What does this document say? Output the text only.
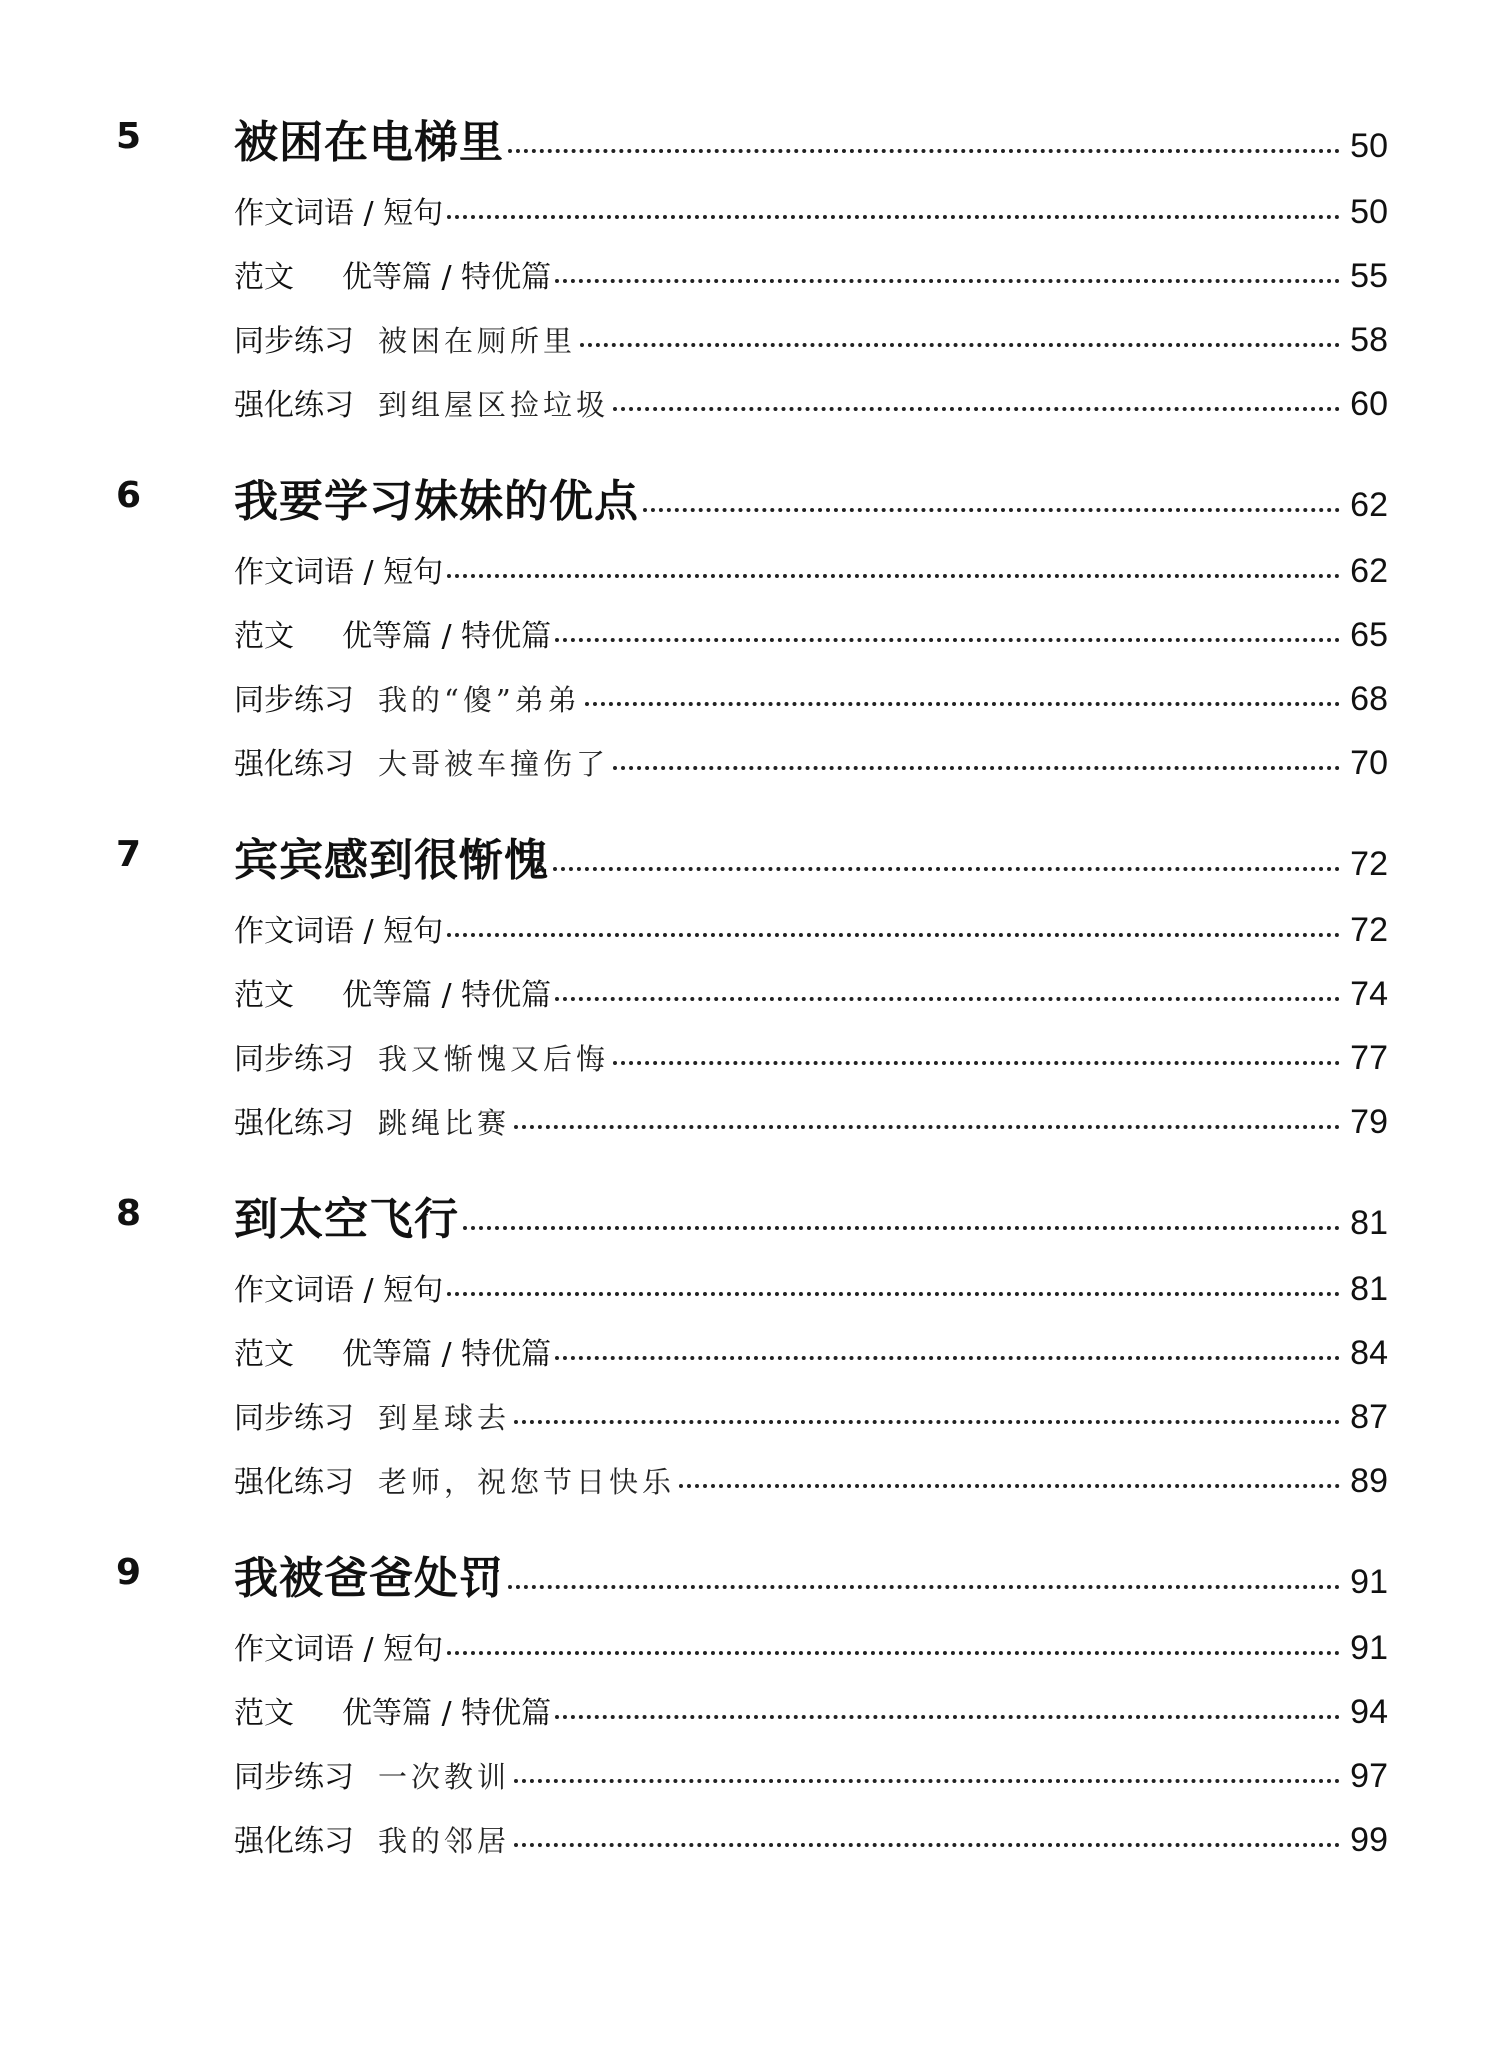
5 被困在电梯里	50
作文词语 / 短句	50
范文 优等篇 / 特优篇	55
同步练习 被困在厕所里	58
强化练习 到组屋区捡垃圾	60
6 我要学习妹妹的优点	62
作文词语 / 短句	62
范文 优等篇 / 特优篇	65
同步练习 我的“傻”弟弟	68
强化练习 大哥被车撞伤了	70
7 宾宾感到很惭愧	72
作文词语 / 短句	72
范文 优等篇 / 特优篇	74
同步练习 我又惭愧又后悔	77
强化练习 跳绳比赛	79
8 到太空飞行	81
作文词语 / 短句	81
范文 优等篇 / 特优篇	84
同步练习 到星球去	87
强化练习 老师，祝您节日快乐	89
9 我被爸爸处罚	91
作文词语 / 短句	91
范文 优等篇 / 特优篇	94
同步练习 一次教训	97
强化练习 我的邻居	99
